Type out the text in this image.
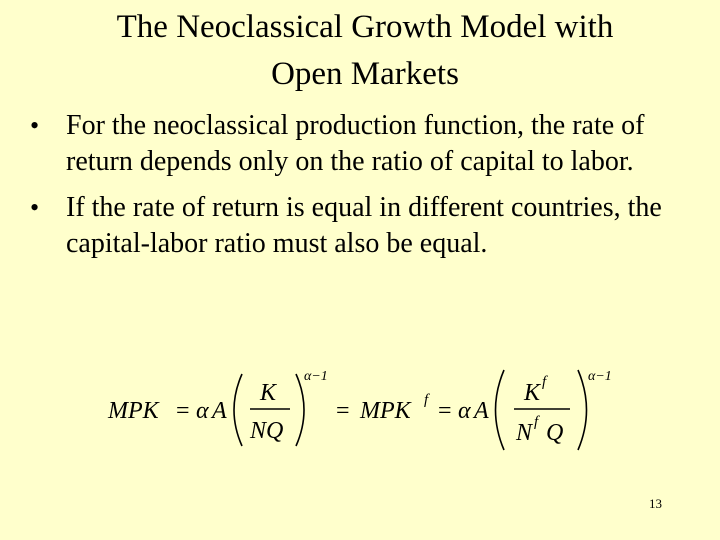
The Neoclassical Growth Model with
Open Markets
• For the neoclassical production function, the rate of return depends only on the ratio of capital to labor.
• If the rate of return is equal in different countries, the capital-labor ratio must also be equal.
MPK = α A
K
NQ
α−1
= MPK f = α A
K f
N f Q
α−1
13
